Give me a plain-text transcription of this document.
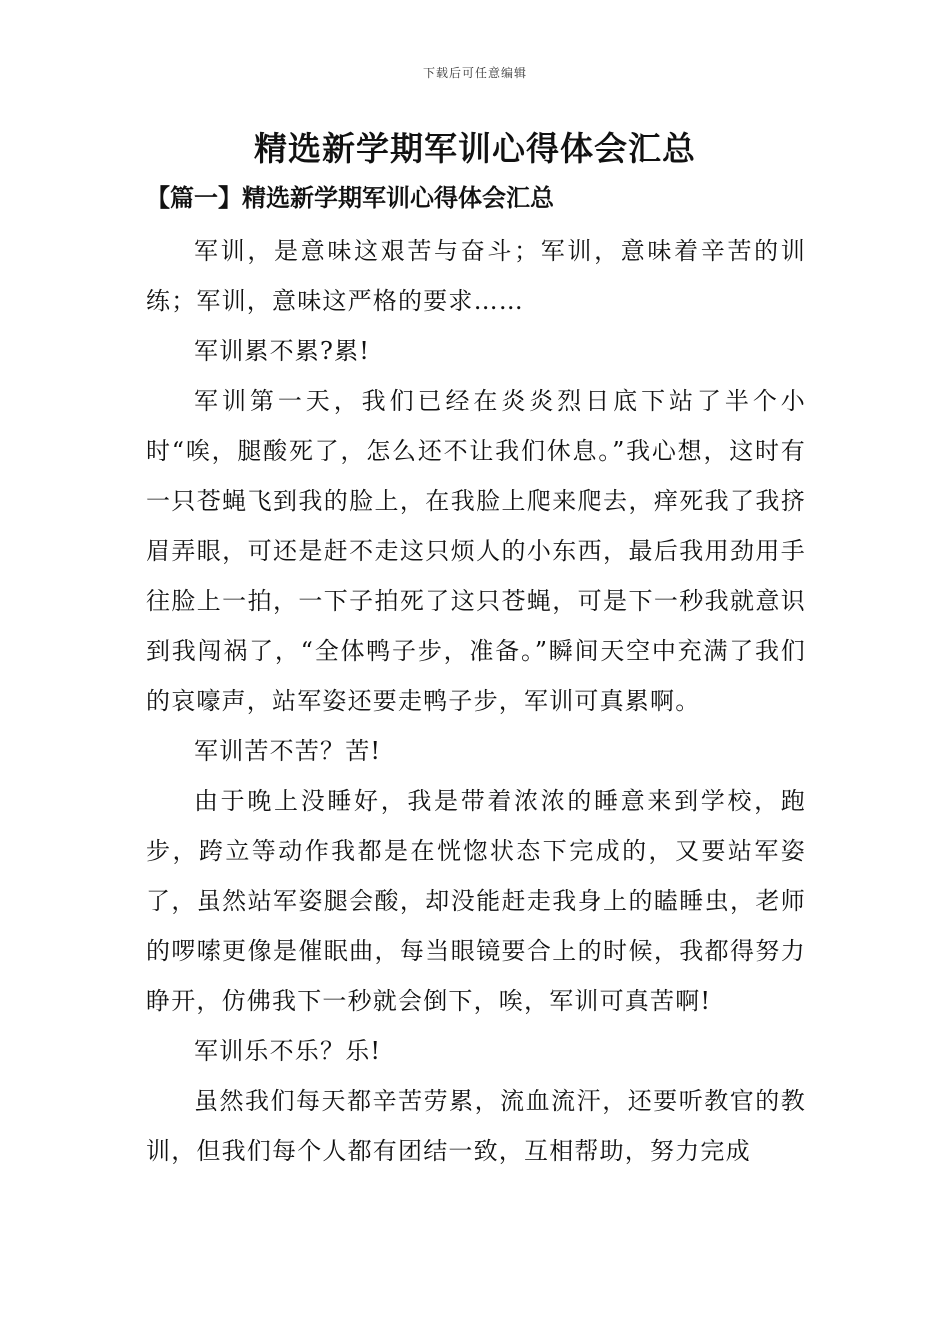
下载后可任意编辑
精选新学期军训心得体会汇总
【篇一】精选新学期军训心得体会汇总

军训，是意味这艰苦与奋斗；军训，意味着辛苦的训练；军训，意味这严格的要求……

军训累不累?累!

军训第一天，我们已经在炎炎烈日底下站了半个小时“唉，腿酸死了，怎么还不让我们休息。”我心想，这时有一只苍蝇飞到我的脸上，在我脸上爬来爬去，痒死我了我挤眉弄眼，可还是赶不走这只烦人的小东西，最后我用劲用手往脸上一拍，一下子拍死了这只苍蝇，可是下一秒我就意识到我闯祸了，“全体鸭子步，准备。”瞬间天空中充满了我们的哀嚎声，站军姿还要走鸭子步，军训可真累啊。

军训苦不苦？苦!

由于晚上没睡好，我是带着浓浓的睡意来到学校，跑步，跨立等动作我都是在恍惚状态下完成的，又要站军姿了，虽然站军姿腿会酸，却没能赶走我身上的瞌睡虫，老师的啰嗦更像是催眠曲，每当眼镜要合上的时候，我都得努力睁开，仿佛我下一秒就会倒下，唉，军训可真苦啊!

军训乐不乐？乐!

虽然我们每天都辛苦劳累，流血流汗，还要听教官的教训，但我们每个人都有团结一致，互相帮助，努力完成
